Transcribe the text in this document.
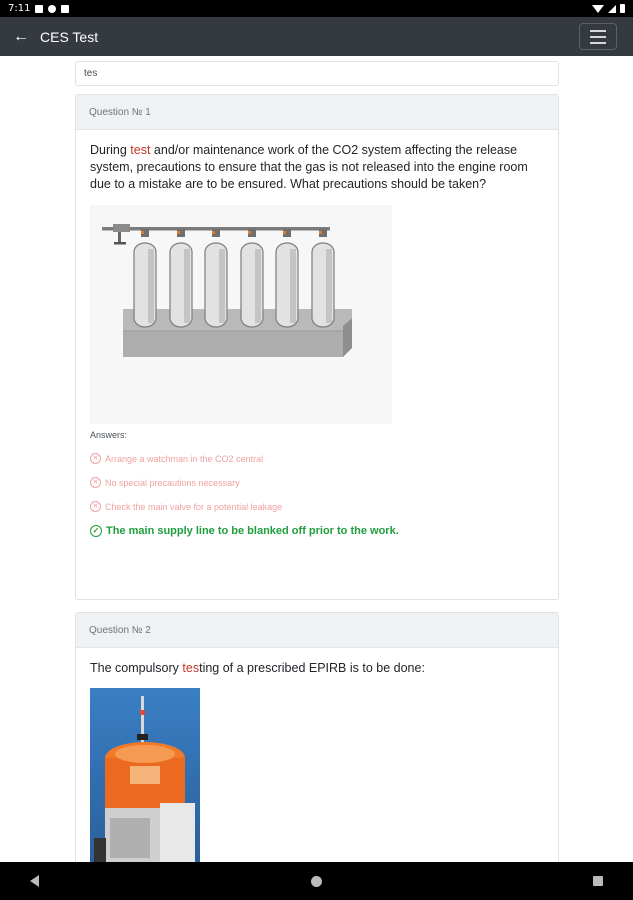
7:11
← CES Test
tes
Question № 1
During test and/or maintenance work of the CO2 system affecting the release system, precautions to ensure that the gas is not released into the engine room due to a mistake are to be ensured. What precautions should be taken?
Answers:
✕ Arrange a watchman in the CO2 central
✕ No special precautions necessary
✕ Check the main valve for a potential leakage
✓ The main supply line to be blanked off prior to the work.
Question № 2
The compulsory testing of a prescribed EPIRB is to be done:
